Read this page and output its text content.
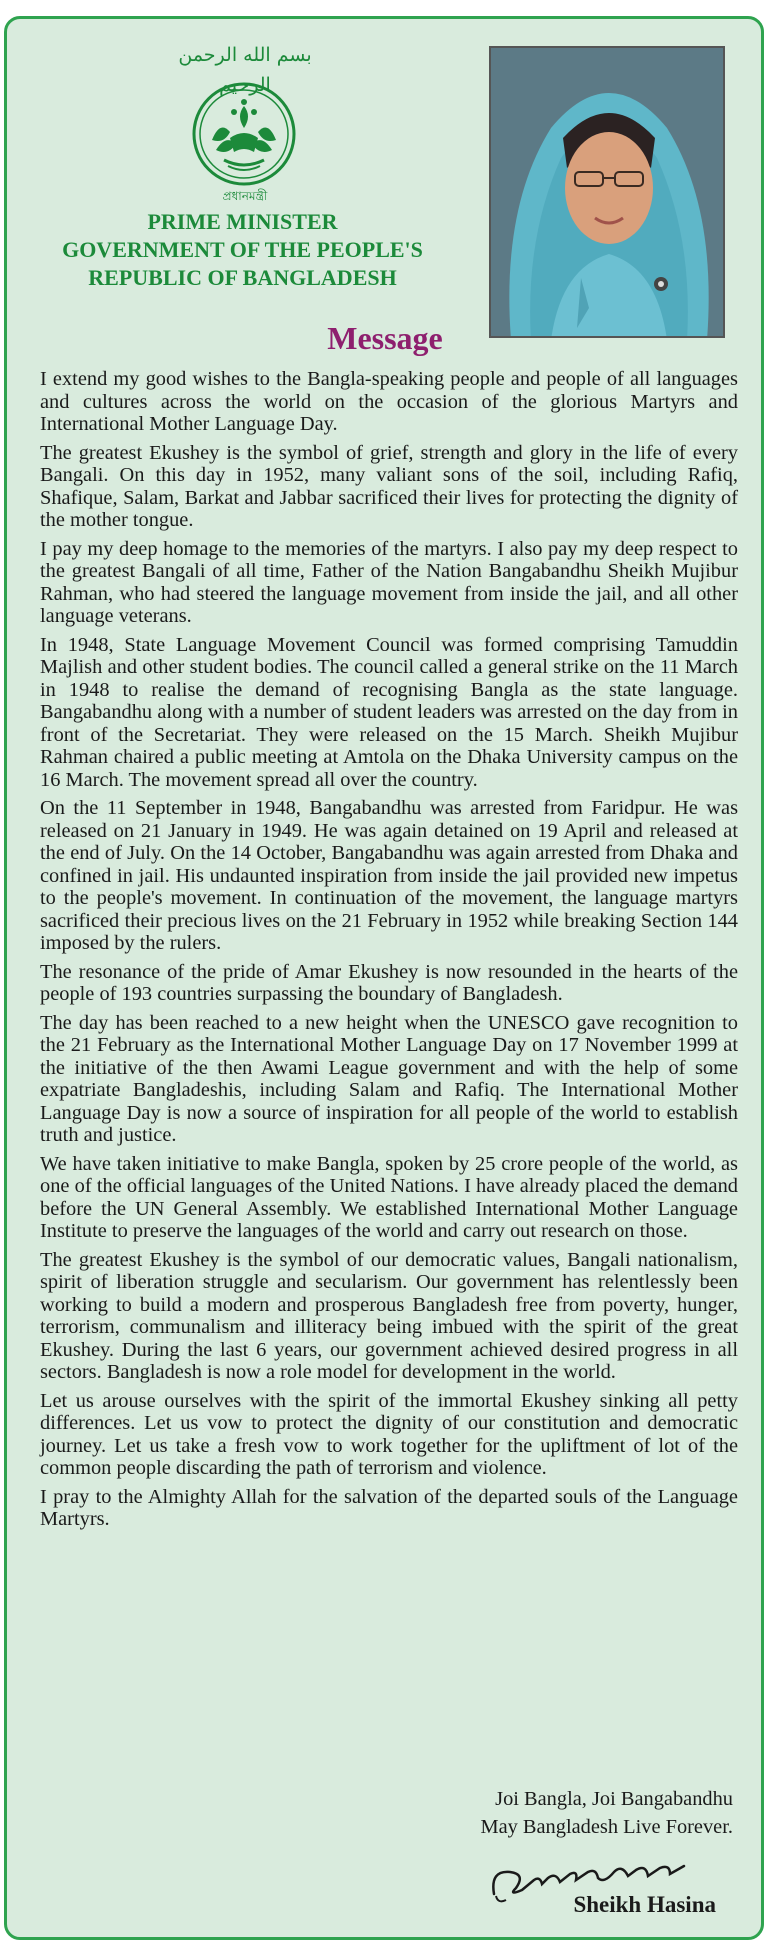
بسم الله الرحمن الرحيم
প্রধানমন্ত্রী
PRIME MINISTER
GOVERNMENT OF THE PEOPLE'S
REPUBLIC OF BANGLADESH
Message

I extend my good wishes to the Bangla-speaking people and people of all languages and cultures across the world on the occasion of the glorious Martyrs and International Mother Language Day.

The greatest Ekushey is the symbol of grief, strength and glory in the life of every Bangali. On this day in 1952, many valiant sons of the soil, including Rafiq, Shafique, Salam, Barkat and Jabbar sacrificed their lives for protecting the dignity of the mother tongue.

I pay my deep homage to the memories of the martyrs. I also pay my deep respect to the greatest Bangali of all time, Father of the Nation Bangabandhu Sheikh Mujibur Rahman, who had steered the language movement from inside the jail, and all other language veterans.

In 1948, State Language Movement Council was formed comprising Tamuddin Majlish and other student bodies. The council called a general strike on the 11 March in 1948 to realise the demand of recognising Bangla as the state language. Bangabandhu along with a number of student leaders was arrested on the day from in front of the Secretariat. They were released on the 15 March. Sheikh Mujibur Rahman chaired a public meeting at Amtola on the Dhaka University campus on the 16 March. The movement spread all over the country.

On the 11 September in 1948, Bangabandhu was arrested from Faridpur. He was released on 21 January in 1949. He was again detained on 19 April and released at the end of July. On the 14 October, Bangabandhu was again arrested from Dhaka and confined in jail. His undaunted inspiration from inside the jail provided new impetus to the people's movement. In continuation of the movement, the language martyrs sacrificed their precious lives on the 21 February in 1952 while breaking Section 144 imposed by the rulers.

The resonance of the pride of Amar Ekushey is now resounded in the hearts of the people of 193 countries surpassing the boundary of Bangladesh.

The day has been reached to a new height when the UNESCO gave recognition to the 21 February as the International Mother Language Day on 17 November 1999 at the initiative of the then Awami League government and with the help of some expatriate Bangladeshis, including Salam and Rafiq. The International Mother Language Day is now a source of inspiration for all people of the world to establish truth and justice.

We have taken initiative to make Bangla, spoken by 25 crore people of the world, as one of the official languages of the United Nations. I have already placed the demand before the UN General Assembly. We established International Mother Language Institute to preserve the languages of the world and carry out research on those.

The greatest Ekushey is the symbol of our democratic values, Bangali nationalism, spirit of liberation struggle and secularism. Our government has relentlessly been working to build a modern and prosperous Bangladesh free from poverty, hunger, terrorism, communalism and illiteracy being imbued with the spirit of the great Ekushey. During the last 6 years, our government achieved desired progress in all sectors. Bangladesh is now a role model for development in the world.

Let us arouse ourselves with the spirit of the immortal Ekushey sinking all petty differences. Let us vow to protect the dignity of our constitution and democratic journey. Let us take a fresh vow to work together for the upliftment of lot of the common people discarding the path of terrorism and violence.

I pray to the Almighty Allah for the salvation of the departed souls of the Language Martyrs.

Joi Bangla, Joi Bangabandhu
May Bangladesh Live Forever.
Sheikh Hasina
